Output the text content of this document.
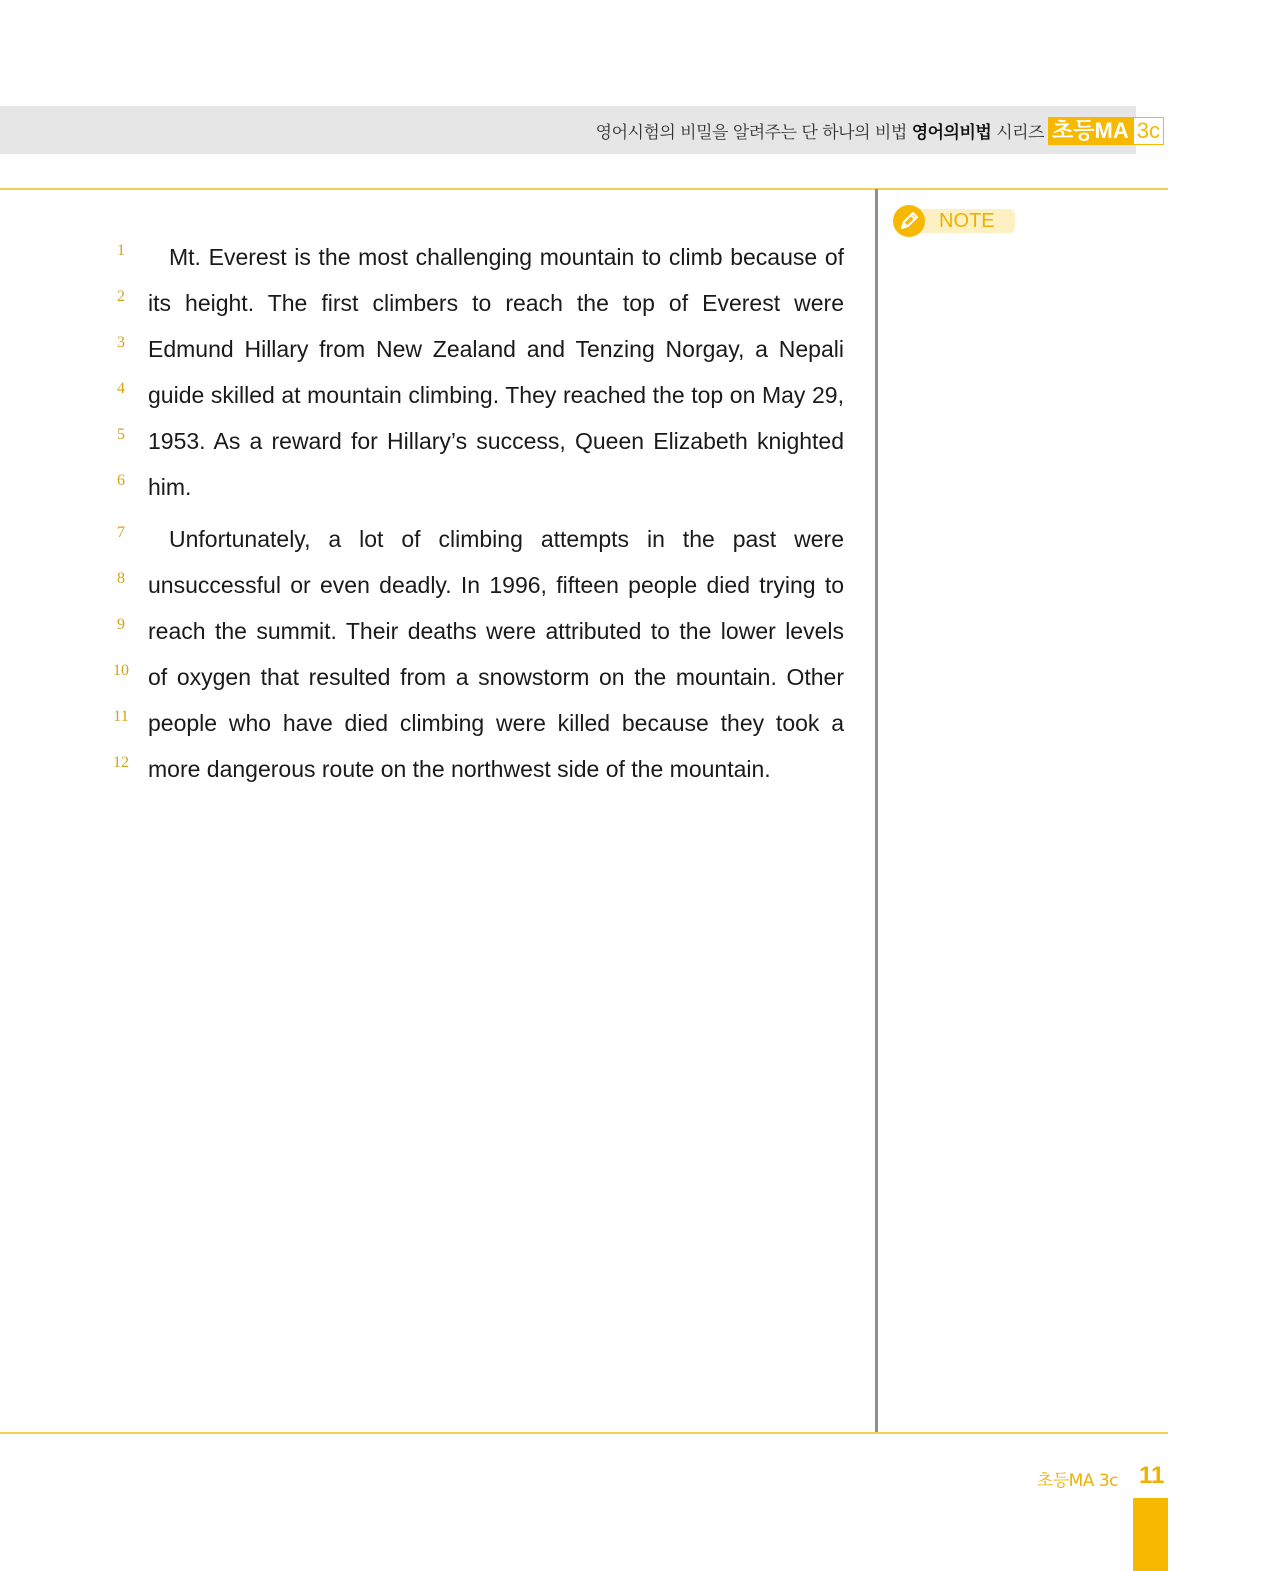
영어시험의 비밀을 알려주는 단 하나의 비법 영어의비법 시리즈 초등MA 3c
NOTE
1	Mt. Everest is the most challenging mountain to climb because of
2	its height. The first climbers to reach the top of Everest were
3	Edmund Hillary from New Zealand and Tenzing Norgay, a Nepali
4	guide skilled at mountain climbing. They reached the top on May 29,
5	1953. As a reward for Hillary’s success, Queen Elizabeth knighted
6	him.
7	Unfortunately, a lot of climbing attempts in the past were
8	unsuccessful or even deadly. In 1996, fifteen people died trying to
9	reach the summit. Their deaths were attributed to the lower levels
10 of oxygen that resulted from a snowstorm on the mountain. Other
11 people who have died climbing were killed because they took a
12 more dangerous route on the northwest side of the mountain.
초등MA 3c 11
